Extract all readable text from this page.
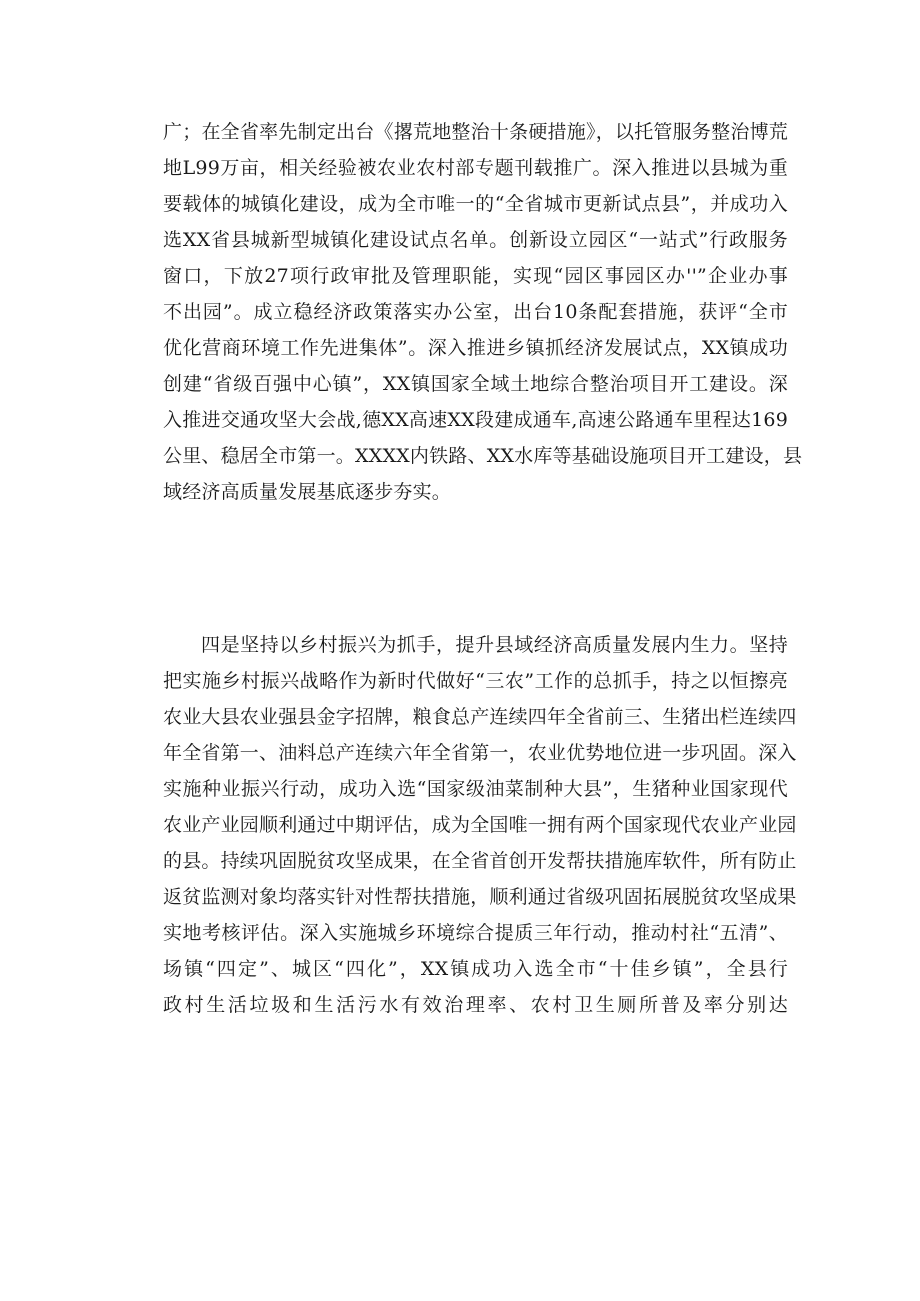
广；在全省率先制定出台《撂荒地整治十条硬措施》，以托管服务整治博荒
地L99万亩，相关经验被农业农村部专题刊载推广。深入推进以县城为重
要载体的城镇化建设，成为全市唯一的“全省城市更新试点县”，并成功入
选XX省县城新型城镇化建设试点名单。创新设立园区“一站式”行政服务
窗口，下放27项行政审批及管理职能，实现“园区事园区办''”企业办事
不出园”。成立稳经济政策落实办公室，出台10条配套措施，获评“全市
优化营商环境工作先进集体”。深入推进乡镇抓经济发展试点，XX镇成功
创建“省级百强中心镇”，XX镇国家全域土地综合整治项目开工建设。深
入推进交通攻坚大会战,德XX高速XX段建成通车,高速公路通车里程达169
公里、稳居全市第一。XXXX内铁路、XX水库等基础设施项目开工建设，县
域经济高质量发展基底逐步夯实。
四是坚持以乡村振兴为抓手，提升县域经济高质量发展内生力。坚持
把实施乡村振兴战略作为新时代做好“三农”工作的总抓手，持之以恒擦亮
农业大县农业强县金字招牌，粮食总产连续四年全省前三、生猪出栏连续四
年全省第一、油料总产连续六年全省第一，农业优势地位进一步巩固。深入
实施种业振兴行动，成功入选“国家级油菜制种大县”，生猪种业国家现代
农业产业园顺利通过中期评估，成为全国唯一拥有两个国家现代农业产业园
的县。持续巩固脱贫攻坚成果，在全省首创开发帮扶措施库软件，所有防止
返贫监测对象均落实针对性帮扶措施，顺利通过省级巩固拓展脱贫攻坚成果
实地考核评估。深入实施城乡环境综合提质三年行动，推动村社“五清”、
场镇“四定”、城区“四化”，XX镇成功入选全市“十佳乡镇”，全县行
政村生活垃圾和生活污水有效治理率、农村卫生厕所普及率分别达
